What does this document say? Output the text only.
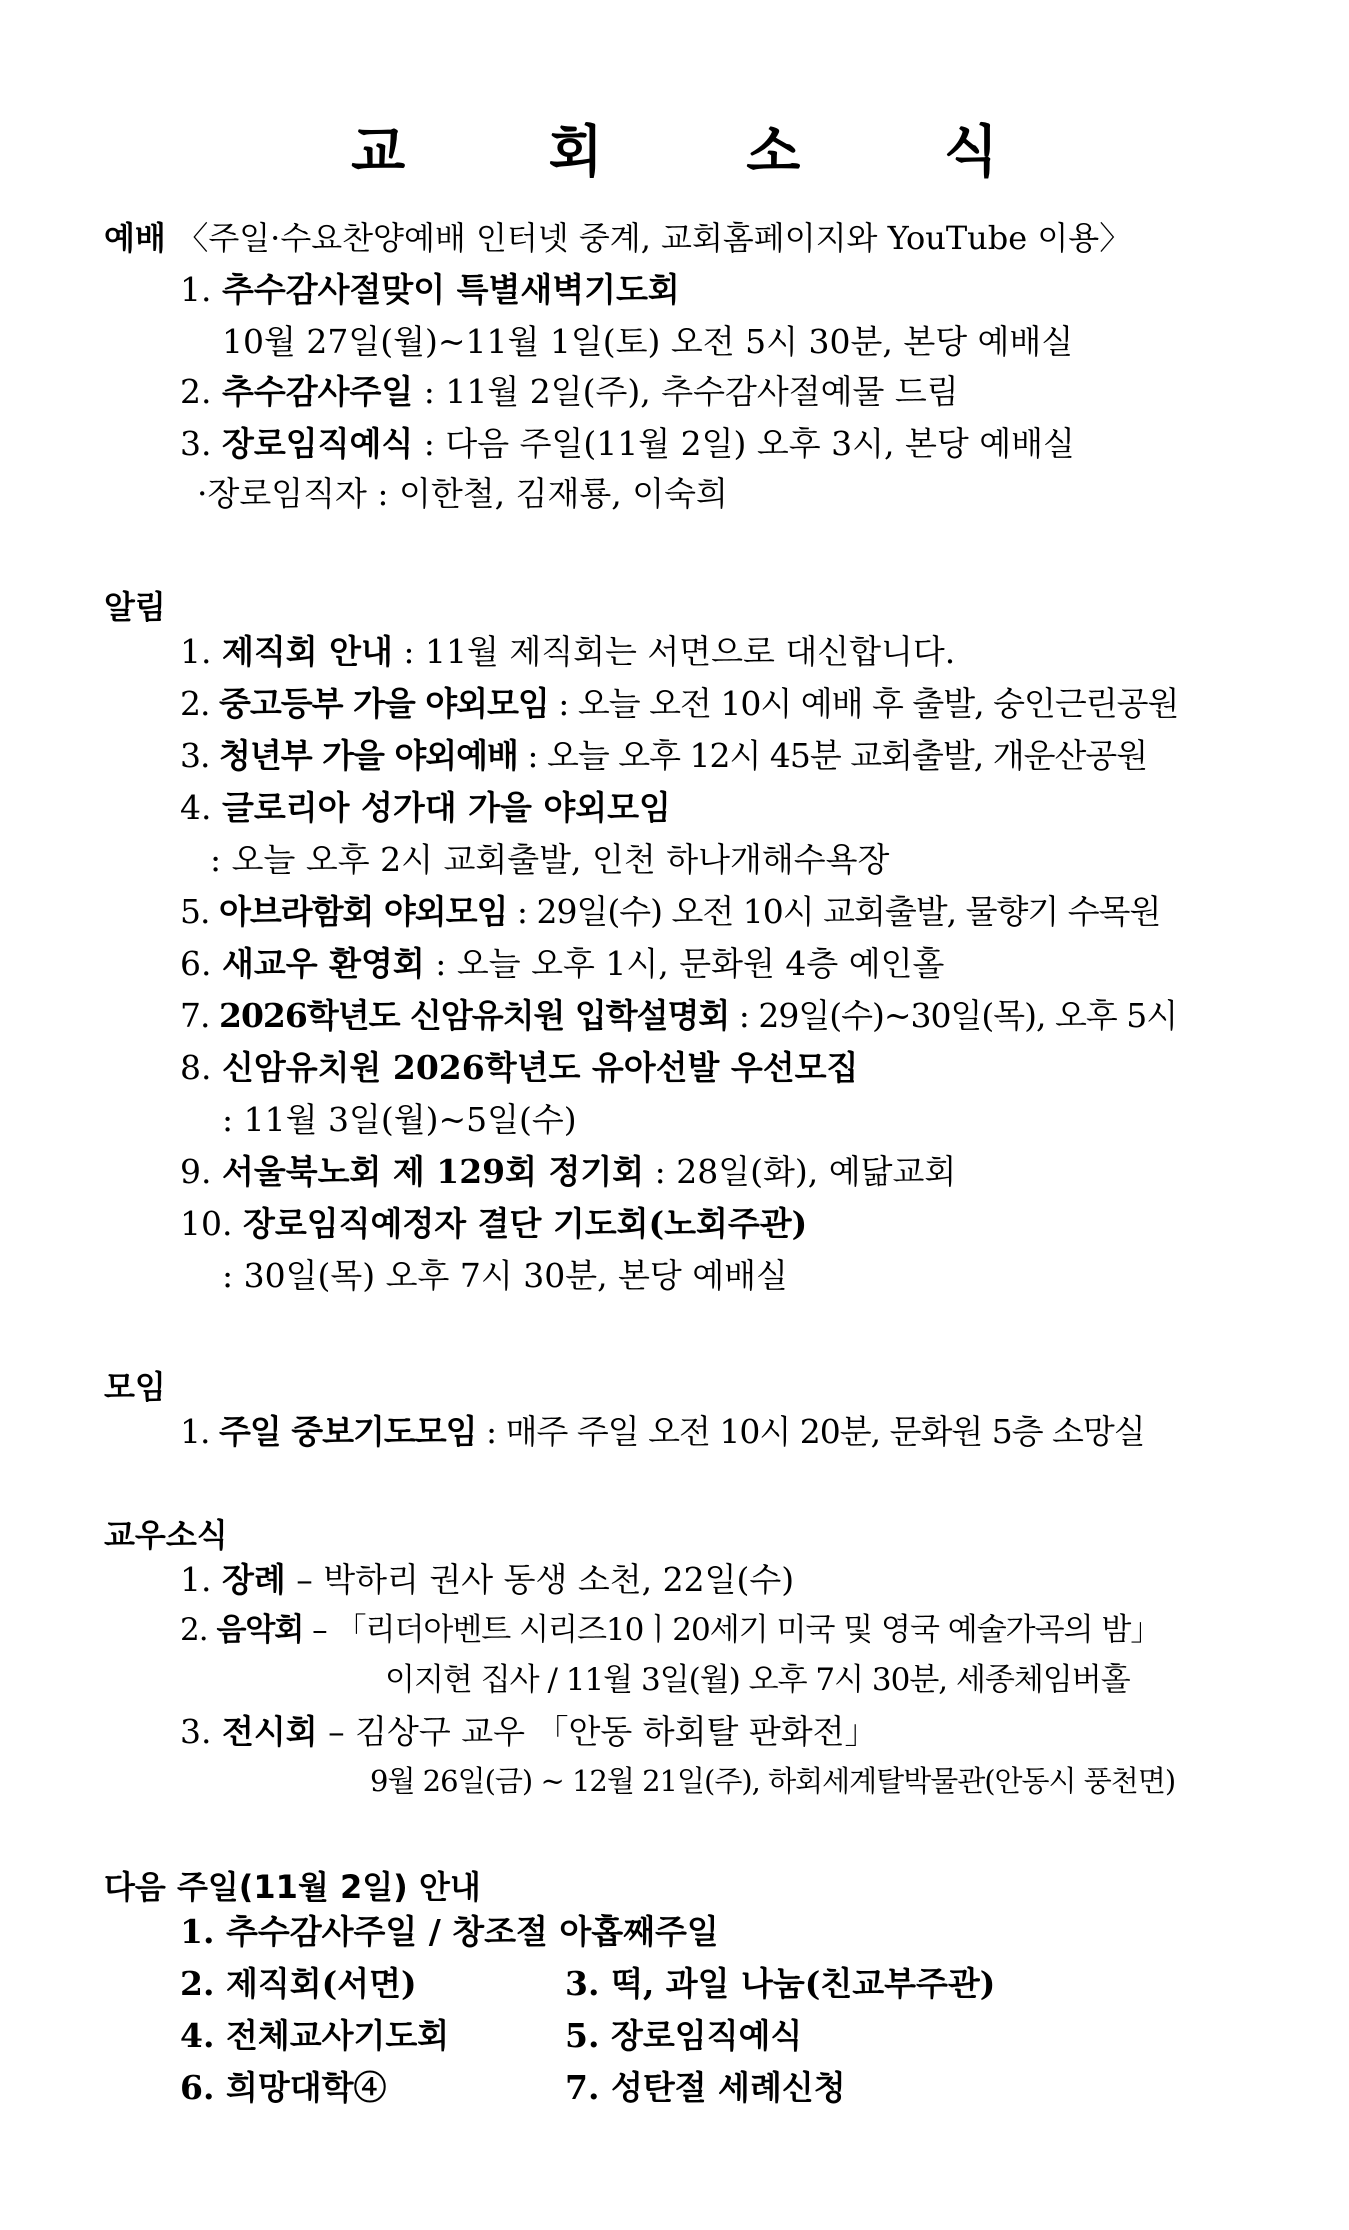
교 회 소 식
예배 〈주일·수요찬양예배 인터넷 중계, 교회홈페이지와 YouTube 이용〉
1. 추수감사절맞이 특별새벽기도회
10월 27일(월)~11월 1일(토) 오전 5시 30분, 본당 예배실
2. 추수감사주일 : 11월 2일(주), 추수감사절예물 드림
3. 장로임직예식 : 다음 주일(11월 2일) 오후 3시, 본당 예배실
·장로임직자 : 이한철, 김재룡, 이숙희
알림
1. 제직회 안내 : 11월 제직회는 서면으로 대신합니다.
2. 중고등부 가을 야외모임 : 오늘 오전 10시 예배 후 출발, 숭인근린공원
3. 청년부 가을 야외예배 : 오늘 오후 12시 45분 교회출발, 개운산공원
4. 글로리아 성가대 가을 야외모임
: 오늘 오후 2시 교회출발, 인천 하나개해수욕장
5. 아브라함회 야외모임 : 29일(수) 오전 10시 교회출발, 물향기 수목원
6. 새교우 환영회 : 오늘 오후 1시, 문화원 4층 예인홀
7. 2026학년도 신암유치원 입학설명회 : 29일(수)~30일(목), 오후 5시
8. 신암유치원 2026학년도 유아선발 우선모집
: 11월 3일(월)~5일(수)
9. 서울북노회 제 129회 정기회 : 28일(화), 예닮교회
10. 장로임직예정자 결단 기도회(노회주관)
: 30일(목) 오후 7시 30분, 본당 예배실
모임
1. 주일 중보기도모임 : 매주 주일 오전 10시 20분, 문화원 5층 소망실
교우소식
1. 장례 – 박하리 권사 동생 소천, 22일(수)
2. 음악회 – 「리더아벤트 시리즈10ㅣ20세기 미국 및 영국 예술가곡의 밤」
이지현 집사 / 11월 3일(월) 오후 7시 30분, 세종체임버홀
3. 전시회 – 김상구 교우 「안동 하회탈 판화전」
9월 26일(금) ~ 12월 21일(주), 하회세계탈박물관(안동시 풍천면)
다음 주일(11월 2일) 안내
1. 추수감사주일 / 창조절 아홉째주일
2. 제직회(서면)	3. 떡, 과일 나눔(친교부주관)
4. 전체교사기도회	5. 장로임직예식
6. 희망대학④	7. 성탄절 세례신청
